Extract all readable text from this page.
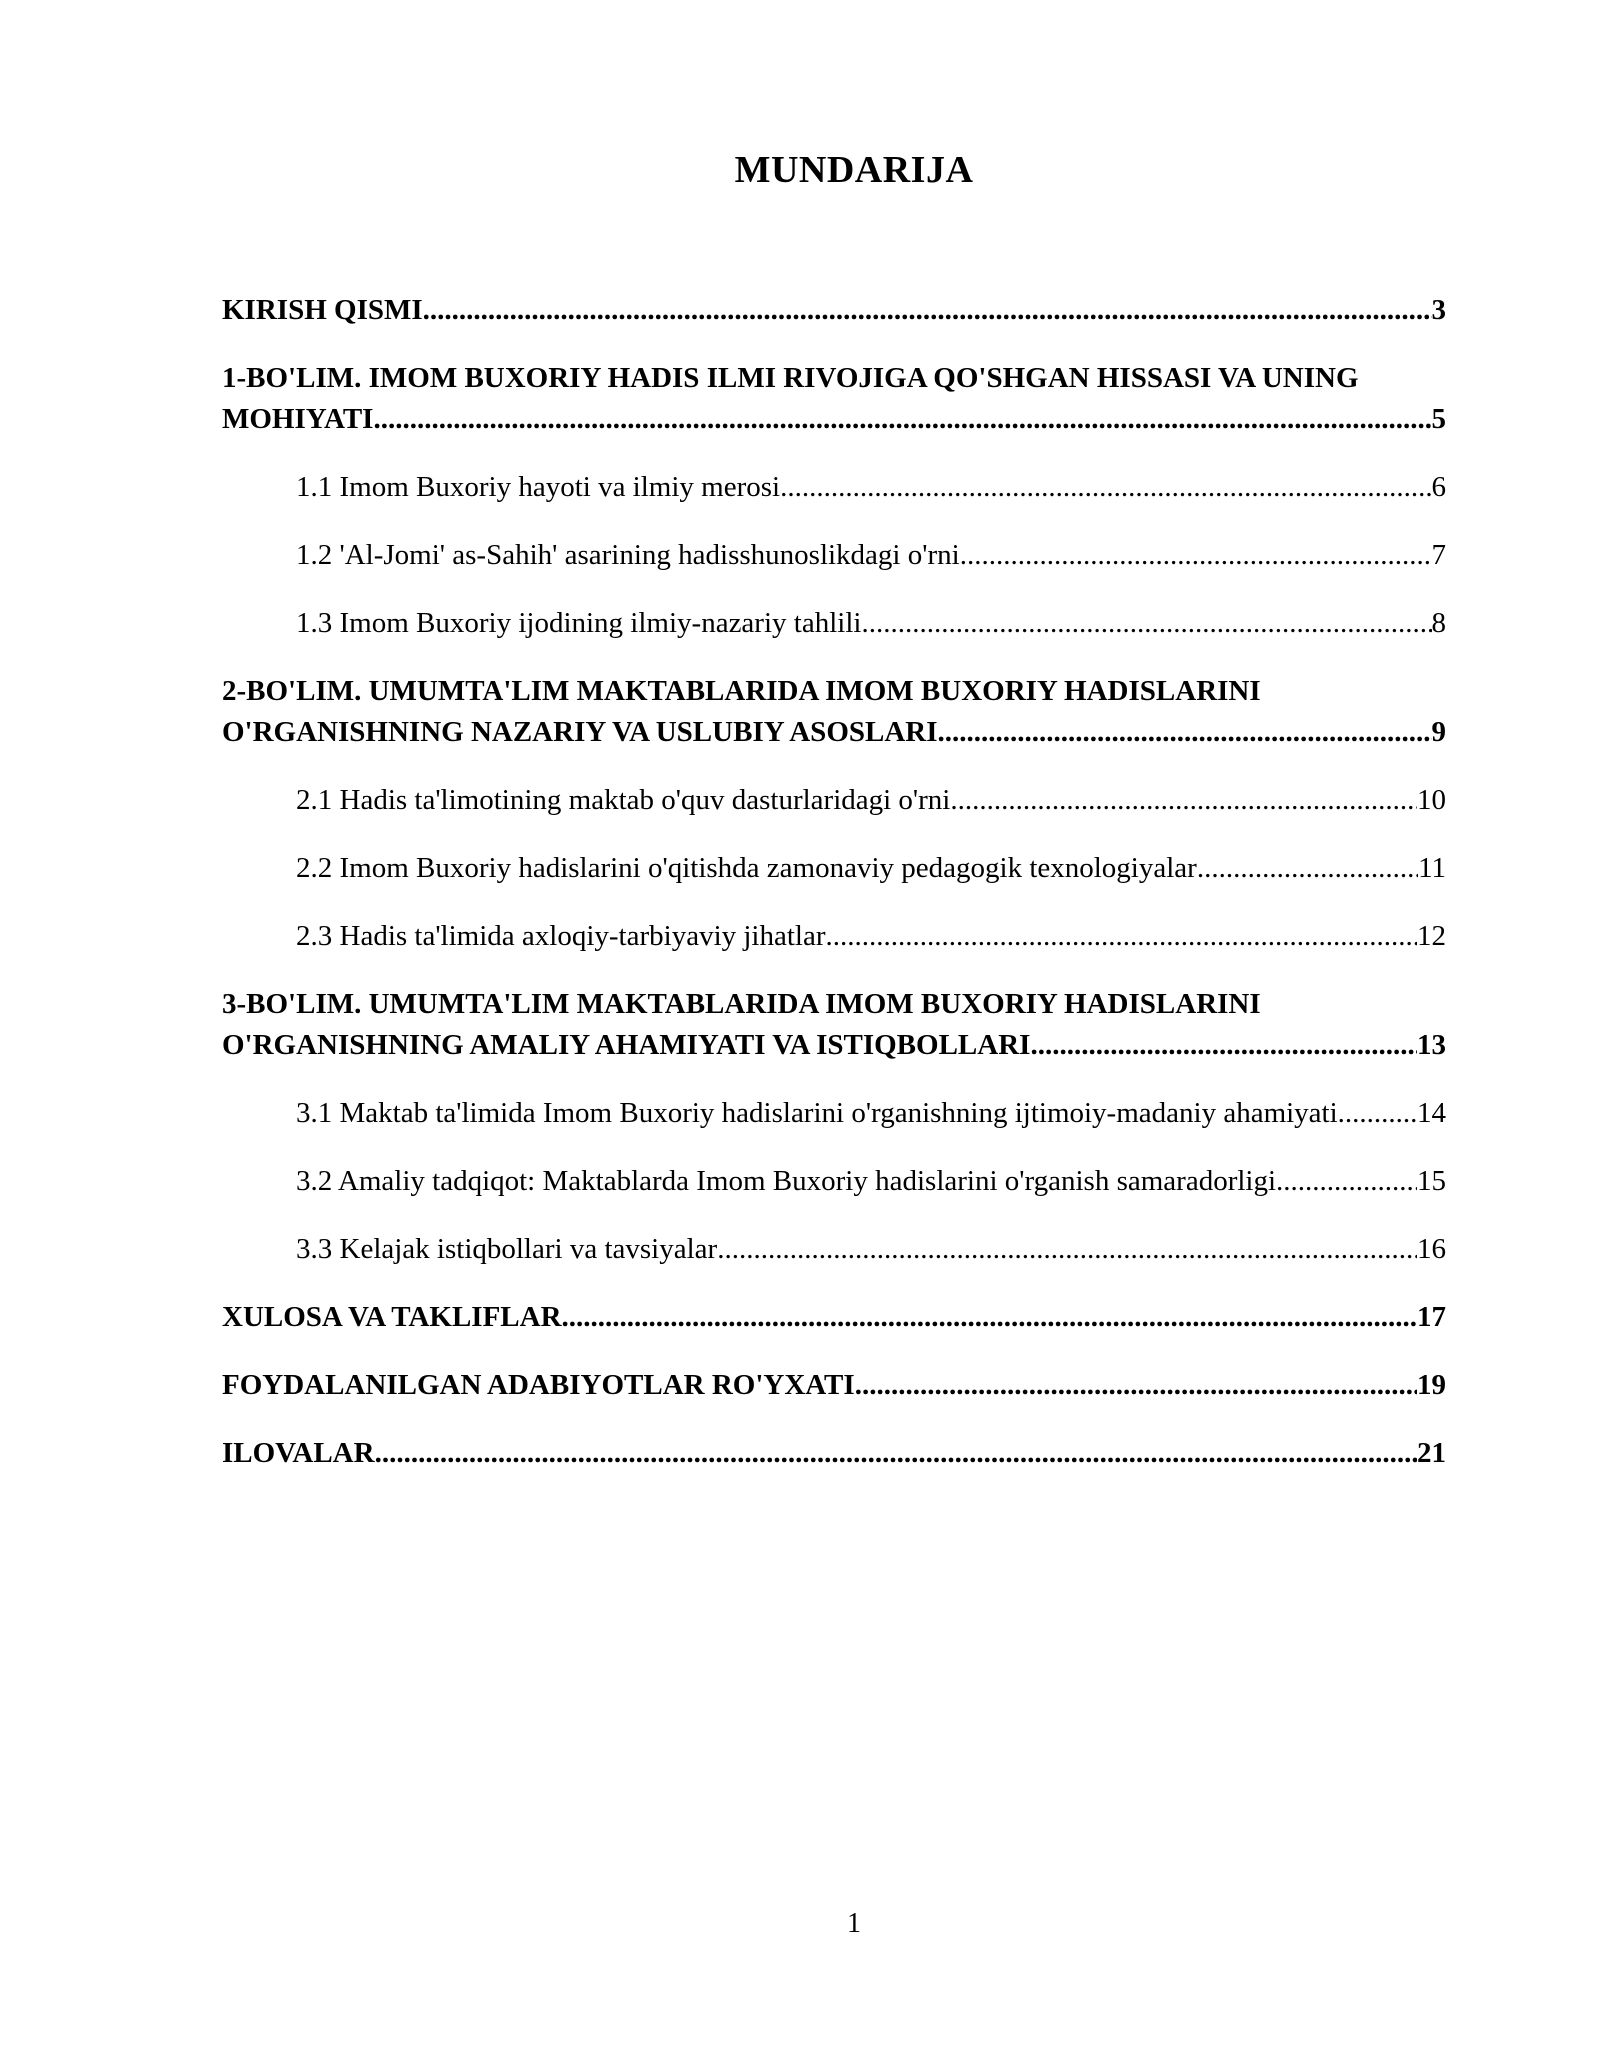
MUNDARIJA
KIRISH QISMI .....	3
1-BO'LIM. IMOM BUXORIY HADIS ILMI RIVOJIGA QO'SHGAN HISSASI VA UNING
MOHIYATI .....	5
1.1 Imom Buxoriy hayoti va ilmiy merosi .....	6
1.2 'Al-Jomi' as-Sahih' asarining hadisshunoslikdagi o'rni .....	7
1.3 Imom Buxoriy ijodining ilmiy-nazariy tahlili .....	8
2-BO'LIM. UMUMTA'LIM MAKTABLARIDA IMOM BUXORIY HADISLARINI
O'RGANISHNING NAZARIY VA USLUBIY ASOSLARI .....	9
2.1 Hadis ta'limotining maktab o'quv dasturlaridagi o'rni .....	10
2.2 Imom Buxoriy hadislarini o'qitishda zamonaviy pedagogik texnologiyalar .....	11
2.3 Hadis ta'limida axloqiy-tarbiyaviy jihatlar .....	12
3-BO'LIM. UMUMTA'LIM MAKTABLARIDA IMOM BUXORIY HADISLARINI
O'RGANISHNING AMALIY AHAMIYATI VA ISTIQBOLLARI .....	13
3.1 Maktab ta'limida Imom Buxoriy hadislarini o'rganishning ijtimoiy-madaniy ahamiyati .....	14
3.2 Amaliy tadqiqot: Maktablarda Imom Buxoriy hadislarini o'rganish samaradorligi .....	15
3.3 Kelajak istiqbollari va tavsiyalar .....	16
XULOSA VA TAKLIFLAR .....	17
FOYDALANILGAN ADABIYOTLAR RO'YXATI .....	19
ILOVALAR .....	21
1
